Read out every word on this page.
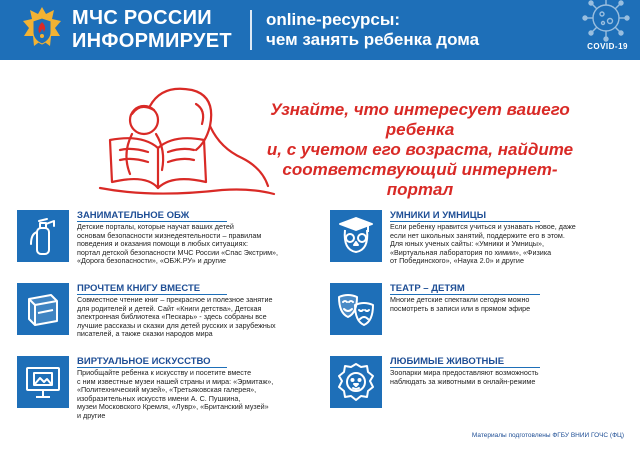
МЧС РОССИИ
ИНФОРМИРУЕТ
online-ресурсы:
чем занять ребенка дома	COVID-19
Узнайте, что интересует вашего ребенка
и, с учетом его возраста, найдите
соответствующий интернет-портал
ЗАНИМАТЕЛЬНОЕ ОБЖ
Детские порталы, которые научат ваших детей
основам безопасности жизнедеятельности – правилам
поведения и оказания помощи в любых ситуациях:
портал детской безопасности МЧС России «Спас Экстрим»,
«Дорога безопасности», «ОБЖ.РУ» и другие
ПРОЧТЕМ КНИГУ ВМЕСТЕ
Совместное чтение книг – прекрасное и полезное занятие
для родителей и детей. Сайт «Книги детства», Детская
электронная библиотека «Пескарь» - здесь собраны все
лучшие рассказы и сказки для детей русских и зарубежных
писателей, а также сказки народов мира
ВИРТУАЛЬНОЕ ИСКУССТВО
Приобщайте ребенка к искусству и посетите вместе
с ним известные музеи нашей страны и мира: «Эрмитаж»,
«Политехнический музей», «Третьяковская галерея»,
изобразительных искусств имени А. С. Пушкина,
музеи Московского Кремля, «Лувр», «Британский музей»
и другие
УМНИКИ И УМНИЦЫ
Если ребенку нравится учиться и узнавать новое, даже
если нет школьных занятий, поддержите его в этом.
Для юных ученых сайты: «Умники и Умницы»,
«Виртуальная лаборатория по химии», «Физика
от Побединского», «Наука 2.0» и другие
ТЕАТР – ДЕТЯМ
Многие детские спектакли сегодня можно
посмотреть в записи или в прямом эфире
ЛЮБИМЫЕ ЖИВОТНЫЕ
Зоопарки мира предоставляют возможность
наблюдать за животными в онлайн-режиме
Материалы подготовлены ФГБУ ВНИИ ГОЧС (ФЦ)
